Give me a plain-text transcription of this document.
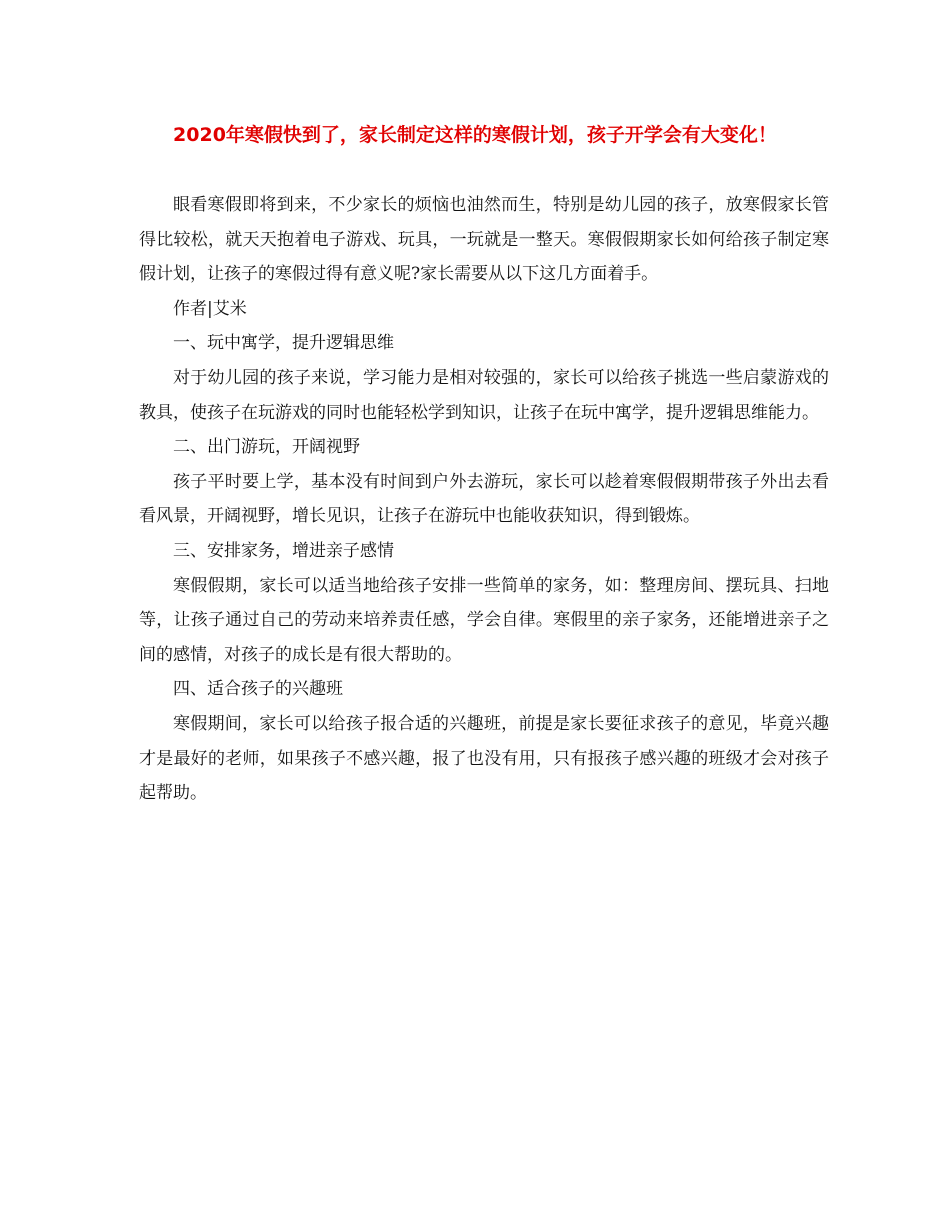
2020年寒假快到了，家长制定这样的寒假计划，孩子开学会有大变化！

眼看寒假即将到来，不少家长的烦恼也油然而生，特别是幼儿园的孩子，放寒假家长管得比较松，就天天抱着电子游戏、玩具，一玩就是一整天。寒假假期家长如何给孩子制定寒假计划，让孩子的寒假过得有意义呢?家长需要从以下这几方面着手。

作者|艾米

一、玩中寓学，提升逻辑思维

对于幼儿园的孩子来说，学习能力是相对较强的，家长可以给孩子挑选一些启蒙游戏的教具，使孩子在玩游戏的同时也能轻松学到知识，让孩子在玩中寓学，提升逻辑思维能力。

二、出门游玩，开阔视野

孩子平时要上学，基本没有时间到户外去游玩，家长可以趁着寒假假期带孩子外出去看看风景，开阔视野，增长见识，让孩子在游玩中也能收获知识，得到锻炼。

三、安排家务，增进亲子感情

寒假假期，家长可以适当地给孩子安排一些简单的家务，如：整理房间、摆玩具、扫地等，让孩子通过自己的劳动来培养责任感，学会自律。寒假里的亲子家务，还能增进亲子之间的感情，对孩子的成长是有很大帮助的。

四、适合孩子的兴趣班

寒假期间，家长可以给孩子报合适的兴趣班，前提是家长要征求孩子的意见，毕竟兴趣才是最好的老师，如果孩子不感兴趣，报了也没有用，只有报孩子感兴趣的班级才会对孩子起帮助。
